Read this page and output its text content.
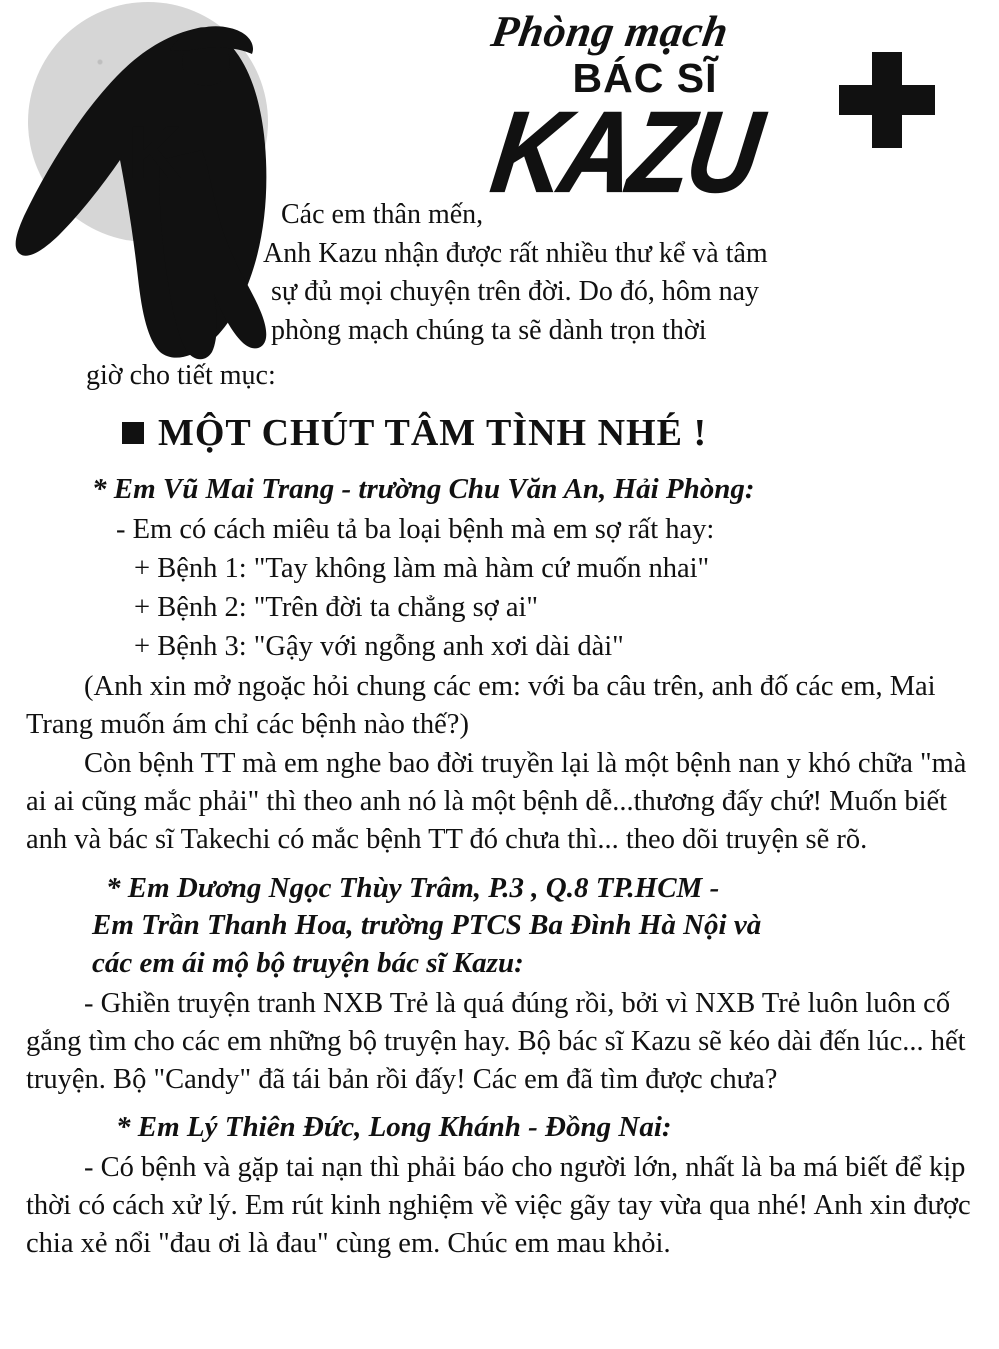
K
Phòng mạch
BÁC SĨ
KAZU
Các em thân mến,
Anh Kazu nhận được rất nhiều thư kể và tâm
sự đủ mọi chuyện trên đời. Do đó, hôm nay
phòng mạch chúng ta sẽ dành trọn thời
giờ cho tiết mục:
MỘT CHÚT TÂM TÌNH NHÉ !
* Em Vũ Mai Trang - trường Chu Văn An, Hải Phòng:

- Em có cách miêu tả ba loại bệnh mà em sợ rất hay:

+ Bệnh 1: "Tay không làm mà hàm cứ muốn nhai"

+ Bệnh 2: "Trên đời ta chẳng sợ ai"

+ Bệnh 3: "Gậy với ngỗng anh xơi dài dài"

(Anh xin mở ngoặc hỏi chung các em: với ba câu trên, anh đố các em, Mai Trang muốn ám chỉ các bệnh nào thế?)

Còn bệnh TT mà em nghe bao đời truyền lại là một bệnh nan y khó chữa "mà ai ai cũng mắc phải" thì theo anh nó là một bệnh dễ...thương đấy chứ! Muốn biết anh và bác sĩ Takechi có mắc bệnh TT đó chưa thì... theo dõi truyện sẽ rõ.

* Em Dương Ngọc Thùy Trâm, P.3 , Q.8 TP.HCM -
Em Trần Thanh Hoa, trường PTCS Ba Đình Hà Nội và
các em ái mộ bộ truyện bác sĩ Kazu:

- Ghiền truyện tranh NXB Trẻ là quá đúng rồi, bởi vì NXB Trẻ luôn luôn cố gắng tìm cho các em những bộ truyện hay. Bộ bác sĩ Kazu sẽ kéo dài đến lúc... hết truyện. Bộ "Candy" đã tái bản rồi đấy! Các em đã tìm được chưa?

* Em Lý Thiên Đức, Long Khánh - Đồng Nai:

- Có bệnh và gặp tai nạn thì phải báo cho người lớn, nhất là ba má biết để kịp thời có cách xử lý. Em rút kinh nghiệm về việc gãy tay vừa qua nhé! Anh xin được chia xẻ nổi "đau ơi là đau" cùng em. Chúc em mau khỏi.
